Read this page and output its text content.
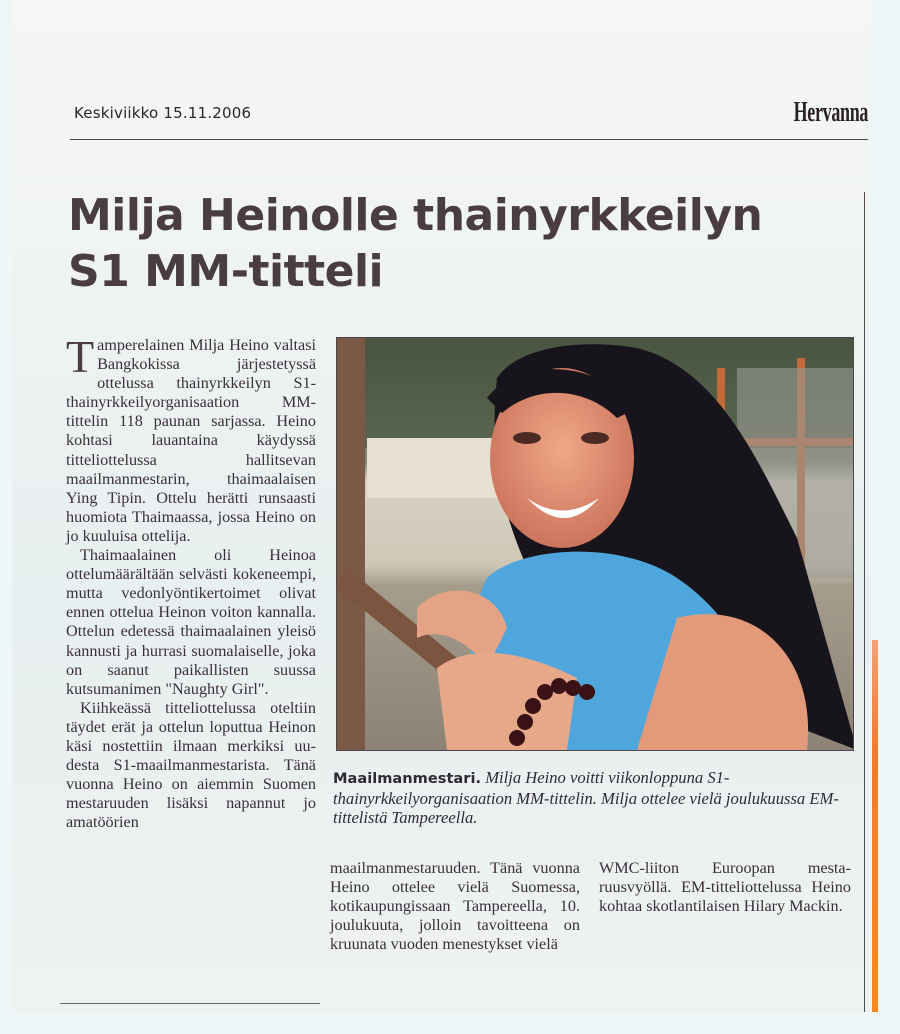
Keskiviikko 15.11.2006	Hervanna
Milja Heinolle thainyrkkeilyn
S1 MM-titteli

Tamperelainen Milja Heino valtasi Bangkokissa järjestetyssä ottelussa thainyrkkeilyn S1-thainyrkkeilyorganisaation MM-tittelin 118 paunan sarjassa. Heino kohtasi lauantaina käydyssä titteliottelussa hallitsevan maailmanmestarin, thaimaalaisen Ying Tipin. Ottelu herätti runsaasti huomiota Thaimaassa, jossa Heino on jo kuuluisa ottelija.

Thaimaalainen oli Heinoa ottelumäärältään selvästi kokeneempi, mutta vedonlyöntikertoimet olivat ennen ottelua Heinon voiton kannalla. Ottelun edetessä thaimaalainen yleisö kannusti ja hurrasi suomalaiselle, joka on saanut paikallisten suussa kutsumanimen "Naughty Girl".

Kiihkeässä titteliottelussa oteltiin täydet erät ja ottelun loputtua Heinon käsi nostettiin ilmaan merkiksi uudesta S1-maailmanmestarista. Tänä vuonna Heino on aiemmin Suomen mestaruuden lisäksi napannut jo amatöörien

Maailmanmestari. Milja Heino voitti viikonloppuna S1-thainyrkkeilyorganisaation MM-tittelin. Milja ottelee vielä joulukuussa EM-tittelistä Tampereella.

maailmanmestaruuden. Tänä vuonna Heino ottelee vielä Suomessa, kotikaupungissaan Tampereella, 10. joulukuuta, jolloin tavoitteena on kruunata vuoden menestykset vielä

WMC-liiton Euroopan mestaruusvyöllä. EM-titteliottelussa Heino kohtaa skotlantilaisen Hilary Mackin.
